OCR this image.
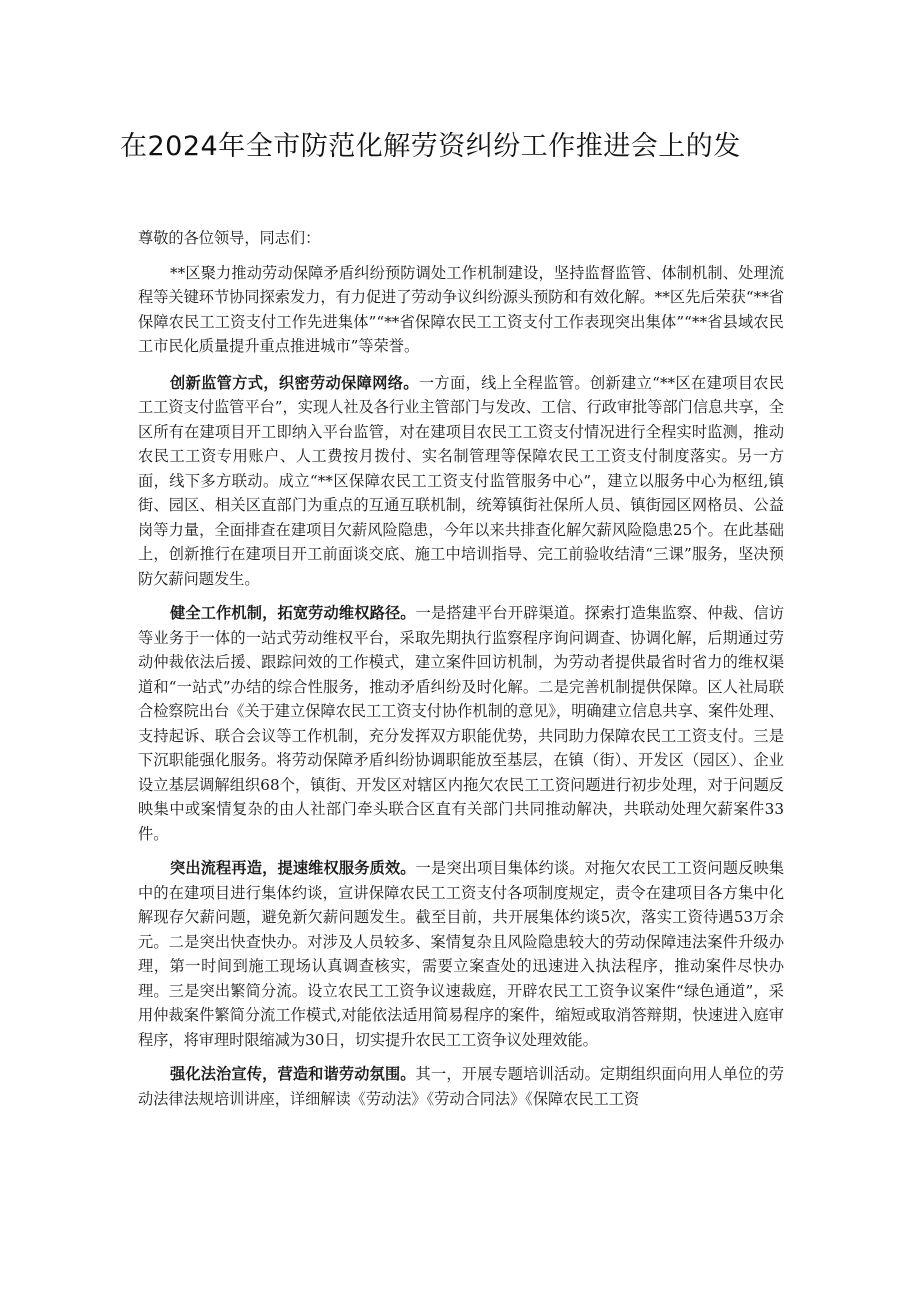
在2024年全市防范化解劳资纠纷工作推进会上的发

尊敬的各位领导，同志们：

**区聚力推动劳动保障矛盾纠纷预防调处工作机制建设，坚持监督监管、体制机制、处理流程等关键环节协同探索发力，有力促进了劳动争议纠纷源头预防和有效化解。**区先后荣获“**省保障农民工工资支付工作先进集体”“**省保障农民工工资支付工作表现突出集体”“**省县域农民工市民化质量提升重点推进城市”等荣誉。

创新监管方式，织密劳动保障网络。一方面，线上全程监管。创新建立“**区在建项目农民工工资支付监管平台”，实现人社及各行业主管部门与发改、工信、行政审批等部门信息共享，全区所有在建项目开工即纳入平台监管，对在建项目农民工工资支付情况进行全程实时监测，推动农民工工资专用账户、人工费按月拨付、实名制管理等保障农民工工资支付制度落实。另一方面，线下多方联动。成立“**区保障农民工工资支付监管服务中心”，建立以服务中心为枢纽,镇街、园区、相关区直部门为重点的互通互联机制，统筹镇街社保所人员、镇街园区网格员、公益岗等力量，全面排查在建项目欠薪风险隐患，今年以来共排查化解欠薪风险隐患25个。在此基础上，创新推行在建项目开工前面谈交底、施工中培训指导、完工前验收结清“三课”服务，坚决预防欠薪问题发生。

健全工作机制，拓宽劳动维权路径。一是搭建平台开辟渠道。探索打造集监察、仲裁、信访等业务于一体的一站式劳动维权平台，采取先期执行监察程序询问调查、协调化解，后期通过劳动仲裁依法后援、跟踪问效的工作模式，建立案件回访机制，为劳动者提供最省时省力的维权渠道和“一站式”办结的综合性服务，推动矛盾纠纷及时化解。二是完善机制提供保障。区人社局联合检察院出台《关于建立保障农民工工资支付协作机制的意见》，明确建立信息共享、案件处理、支持起诉、联合会议等工作机制，充分发挥双方职能优势，共同助力保障农民工工资支付。三是下沉职能强化服务。将劳动保障矛盾纠纷协调职能放至基层，在镇（街）、开发区（园区）、企业设立基层调解组织68个，镇街、开发区对辖区内拖欠农民工工资问题进行初步处理，对于问题反映集中或案情复杂的由人社部门牵头联合区直有关部门共同推动解决，共联动处理欠薪案件33件。

突出流程再造，提速维权服务质效。一是突出项目集体约谈。对拖欠农民工工资问题反映集中的在建项目进行集体约谈，宣讲保障农民工工资支付各项制度规定，责令在建项目各方集中化解现存欠薪问题，避免新欠薪问题发生。截至目前，共开展集体约谈5次，落实工资待遇53万余元。二是突出快查快办。对涉及人员较多、案情复杂且风险隐患较大的劳动保障违法案件升级办理，第一时间到施工现场认真调查核实，需要立案查处的迅速进入执法程序，推动案件尽快办理。三是突出繁简分流。设立农民工工资争议速裁庭，开辟农民工工资争议案件“绿色通道”，采用仲裁案件繁简分流工作模式,对能依法适用简易程序的案件，缩短或取消答辩期，快速进入庭审程序，将审理时限缩减为30日，切实提升农民工工资争议处理效能。

强化法治宣传，营造和谐劳动氛围。其一，开展专题培训活动。定期组织面向用人单位的劳动法律法规培训讲座，详细解读《劳动法》《劳动合同法》《保障农民工工资
